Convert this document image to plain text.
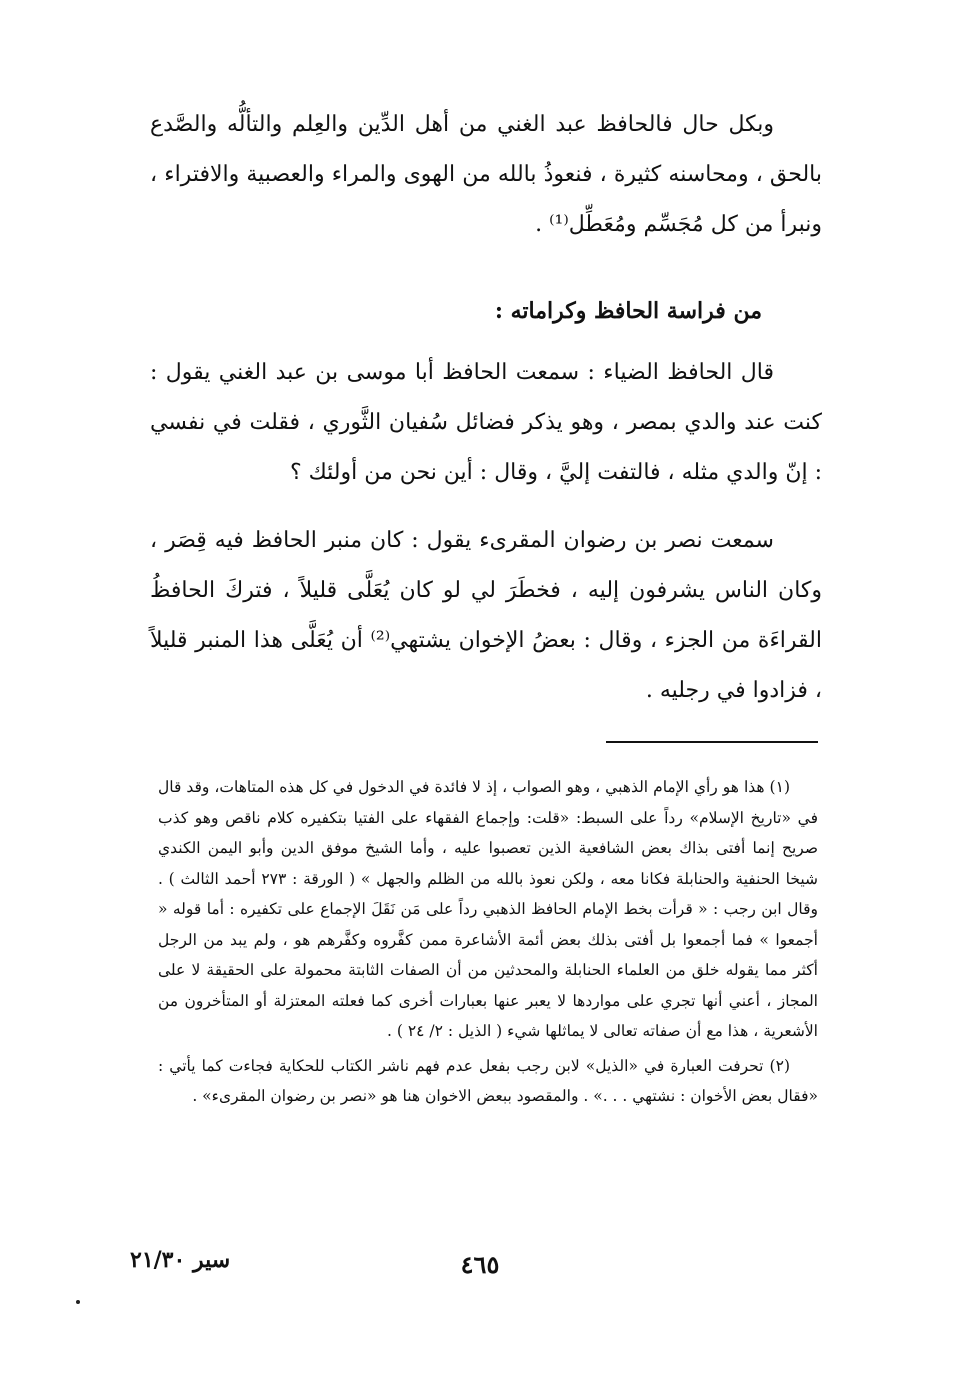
وبكل حال فالحافظ عبد الغني من أهل الدِّين والعِلم والتألُّه والصَّدع بالحق ، ومحاسنه كثيرة ، فنعوذُ بالله من الهوى والمراء والعصبية والافتراء ، ونبرأ من كل مُجَسِّم ومُعَطِّل⁽¹⁾ .

من فراسة الحافظ وكراماته :

قال الحافظ الضياء : سمعت الحافظ أبا موسى بن عبد الغني يقول : كنت عند والدي بمصر ، وهو يذكر فضائل سُفيان الثَّوري ، فقلت في نفسي : إنّ والدي مثله ، فالتفت إليَّ ، وقال : أين نحن من أولئك ؟

سمعت نصر بن رضوان المقرىء يقول : كان منبر الحافظ فيه قِصَر ، وكان الناس يشرفون إليه ، فخطَرَ لي لو كان يُعَلَّى قليلاً ، فتركَ الحافظُ القراءَة من الجزء ، وقال : بعضُ الإخوان يشتهي⁽²⁾ أن يُعَلَّى هذا المنبر قليلاً ، فزادوا في رجليه .

(١) هذا هو رأي الإمام الذهبي ، وهو الصواب ، إذ لا فائدة في الدخول في كل هذه المتاهات، وقد قال في «تاريخ الإسلام» رداً على السبط: «قلت: وإجماع الفقهاء على الفتيا بتكفيره كلام ناقص وهو كذب صريح إنما أفتى بذاك بعض الشافعية الذين تعصبوا عليه ، وأما الشيخ موفق الدين وأبو اليمن الكندي شيخا الحنفية والحنابلة فكانا معه ، ولكن نعوذ بالله من الظلم والجهل » ( الورقة : ٢٧٣ أحمد الثالث ) . وقال ابن رجب : « قرأت بخط الإمام الحافظ الذهبي رداً على مَن نَقَلَ الإجماع على تكفيره : أما قوله « أجمعوا » فما أجمعوا بل أفتى بذلك بعض أئمة الأشاعرة ممن كفَّروه وكفَّرهم هو ، ولم يبد من الرجل أكثر مما يقوله خلق من العلماء الحنابلة والمحدثين من أن الصفات الثابتة محمولة على الحقيقة لا على المجاز ، أعني أنها تجري على مواردها لا يعبر عنها بعبارات أخرى كما فعلته المعتزلة أو المتأخرون من الأشعرية ، هذا مع أن صفاته تعالى لا يماثلها شيء ( الذيل : ٢/ ٢٤ ) .

(٢) تحرفت العبارة في «الذيل» لابن رجب بفعل عدم فهم ناشر الكتاب للحكاية فجاءت كما يأتي : «فقال بعض الأخوان : نشتهي . . .» . والمقصود ببعض الاخوان هنا هو «نصر بن رضوان المقرىء» .

٤٦٥
سير ٢١/٣٠
